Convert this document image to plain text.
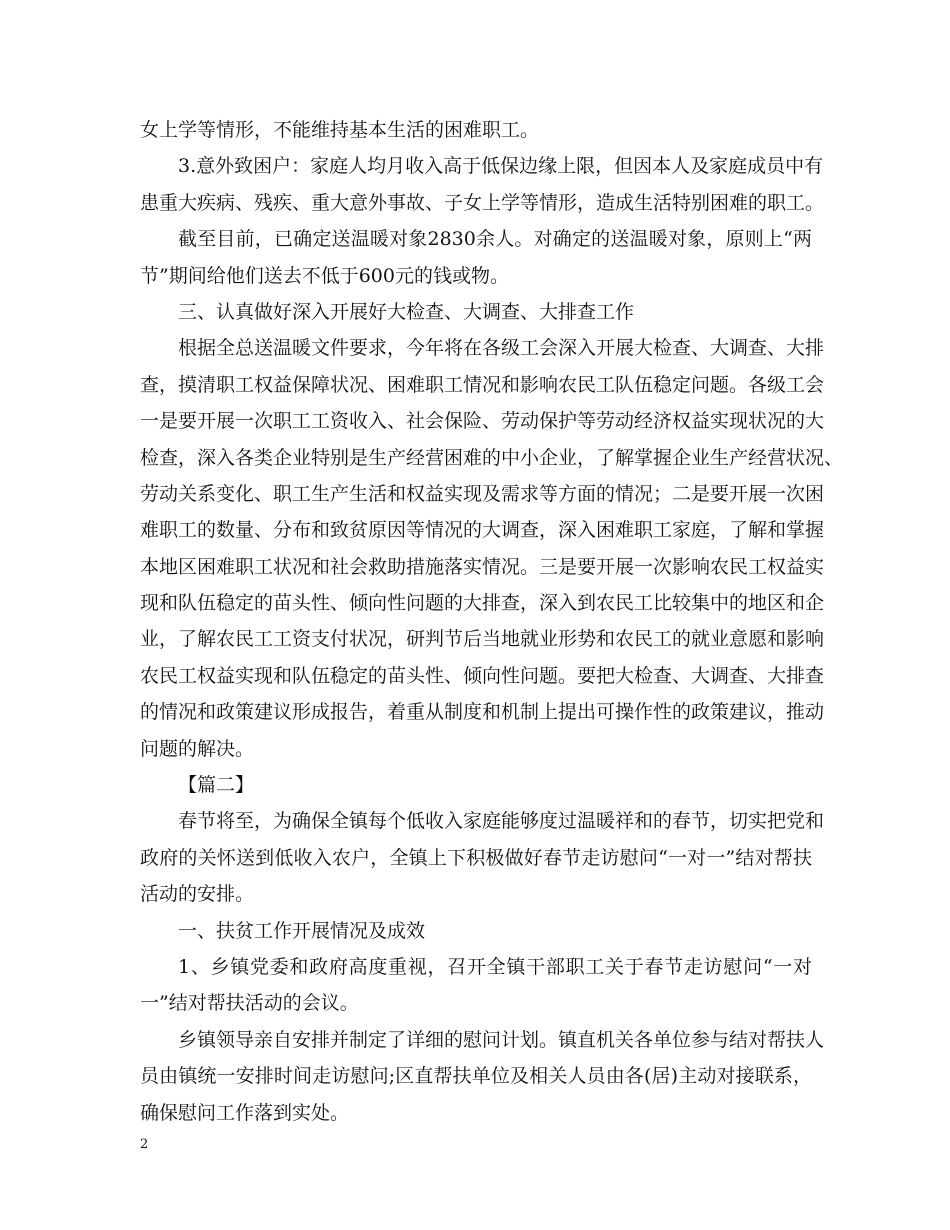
女上学等情形，不能维持基本生活的困难职工。
3.意外致困户：家庭人均月收入高于低保边缘上限，但因本人及家庭成员中有
患重大疾病、残疾、重大意外事故、子女上学等情形，造成生活特别困难的职工。
截至目前，已确定送温暖对象2830余人。对确定的送温暖对象，原则上“两
节”期间给他们送去不低于600元的钱或物。
三、认真做好深入开展好大检查、大调查、大排查工作
根据全总送温暖文件要求，今年将在各级工会深入开展大检查、大调查、大排
查，摸清职工权益保障状况、困难职工情况和影响农民工队伍稳定问题。各级工会
一是要开展一次职工工资收入、社会保险、劳动保护等劳动经济权益实现状况的大
检查，深入各类企业特别是生产经营困难的中小企业，了解掌握企业生产经营状况、
劳动关系变化、职工生产生活和权益实现及需求等方面的情况；二是要开展一次困
难职工的数量、分布和致贫原因等情况的大调查，深入困难职工家庭，了解和掌握
本地区困难职工状况和社会救助措施落实情况。三是要开展一次影响农民工权益实
现和队伍稳定的苗头性、倾向性问题的大排查，深入到农民工比较集中的地区和企
业，了解农民工工资支付状况，研判节后当地就业形势和农民工的就业意愿和影响
农民工权益实现和队伍稳定的苗头性、倾向性问题。要把大检查、大调查、大排查
的情况和政策建议形成报告，着重从制度和机制上提出可操作性的政策建议，推动
问题的解决。
【篇二】
春节将至，为确保全镇每个低收入家庭能够度过温暖祥和的春节，切实把党和
政府的关怀送到低收入农户，全镇上下积极做好春节走访慰问“一对一”结对帮扶
活动的安排。
一、扶贫工作开展情况及成效
1、乡镇党委和政府高度重视，召开全镇干部职工关于春节走访慰问“一对
一”结对帮扶活动的会议。
乡镇领导亲自安排并制定了详细的慰问计划。镇直机关各单位参与结对帮扶人
员由镇统一安排时间走访慰问;区直帮扶单位及相关人员由各(居)主动对接联系，
确保慰问工作落到实处。
2
